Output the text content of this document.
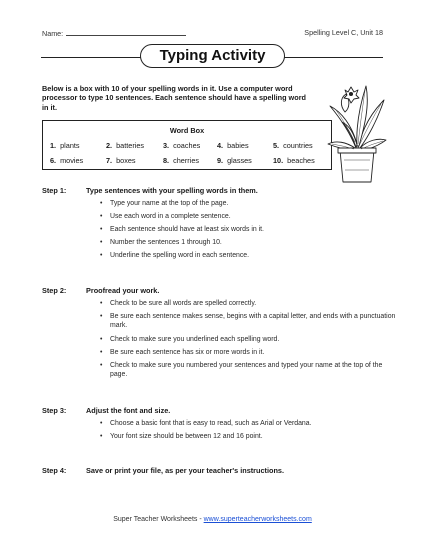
Name:	Spelling Level C, Unit 18
Typing Activity
Below is a box with 10 of your spelling words in it. Use a computer word processor to type 10 sentences. Each sentence should have a spelling word in it.
Word Box
1. plants	2. batteries	3. coaches 4. babies	5. countries
6. movies	7. boxes	8. cherries 9. glasses	10. beaches
Step 1:	Type sentences with your spelling words in them.
• Type your name at the top of the page.
• Use each word in a complete sentence.
• Each sentence should have at least six words in it.
• Number the sentences 1 through 10.
• Underline the spelling word in each sentence.
Step 2:	Proofread your work.
• Check to be sure all words are spelled correctly.
• Be sure each sentence makes sense, begins with a capital letter, and ends with a punctuation mark.
• Check to make sure you underlined each spelling word.
• Be sure each sentence has six or more words in it.
• Check to make sure you numbered your sentences and typed your name at the top of the page.
Step 3:	Adjust the font and size.
• Choose a basic font that is easy to read, such as Arial or Verdana.
• Your font size should be between 12 and 16 point.
Step 4:	Save or print your file, as per your teacher's instructions.
Super Teacher Worksheets - www.superteacherworksheets.com
